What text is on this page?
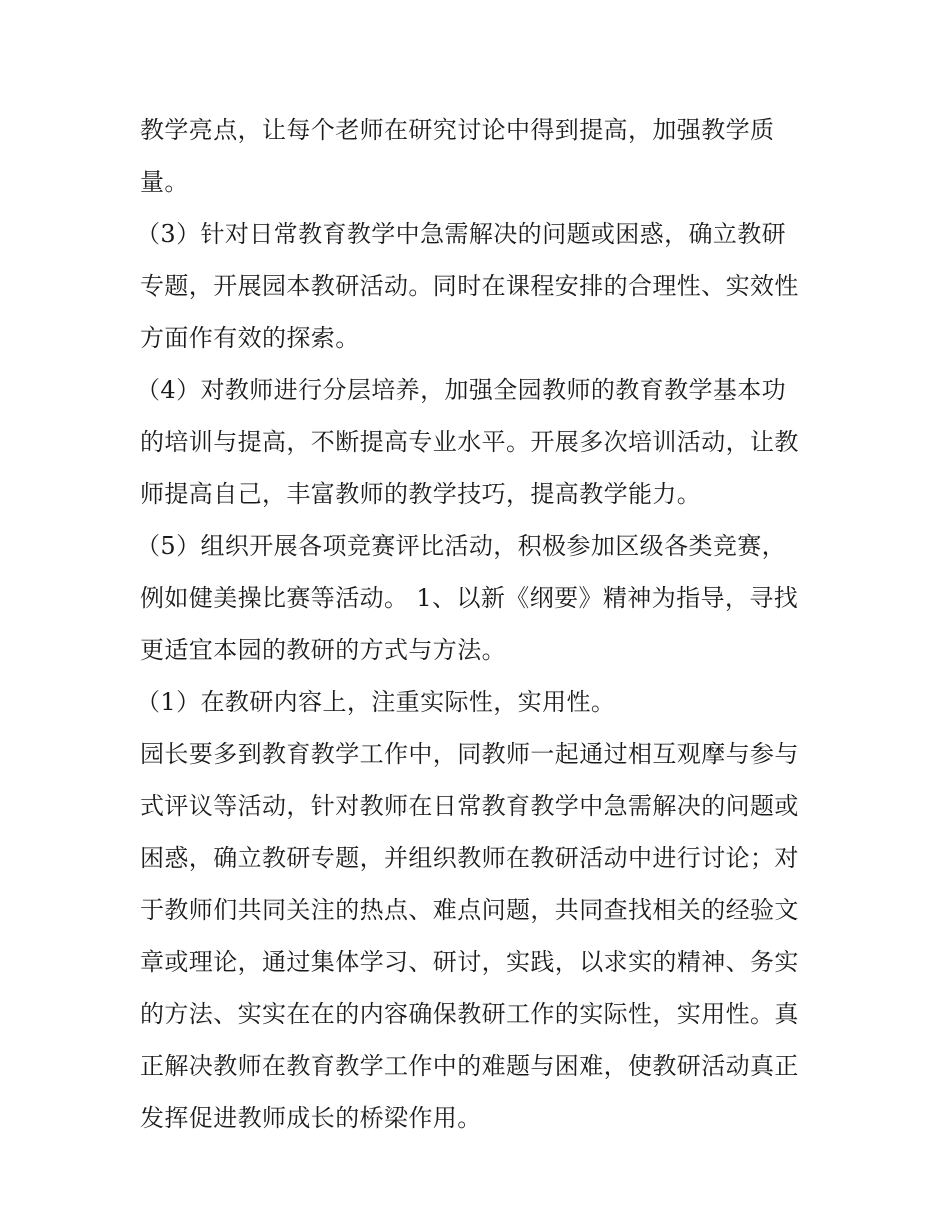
教学亮点，让每个老师在研究讨论中得到提高，加强教学质
量。
（3）针对日常教育教学中急需解决的问题或困惑，确立教研
专题，开展园本教研活动。同时在课程安排的合理性、实效性
方面作有效的探索。
（4）对教师进行分层培养，加强全园教师的教育教学基本功
的培训与提高，不断提高专业水平。开展多次培训活动，让教
师提高自己，丰富教师的教学技巧，提高教学能力。
（5）组织开展各项竞赛评比活动，积极参加区级各类竞赛，
例如健美操比赛等活动。 1、以新《纲要》精神为指导，寻找
更适宜本园的教研的方式与方法。
（1）在教研内容上，注重实际性，实用性。
园长要多到教育教学工作中，同教师一起通过相互观摩与参与
式评议等活动，针对教师在日常教育教学中急需解决的问题或
困惑，确立教研专题，并组织教师在教研活动中进行讨论；对
于教师们共同关注的热点、难点问题，共同查找相关的经验文
章或理论，通过集体学习、研讨，实践，以求实的精神、务实
的方法、实实在在的内容确保教研工作的实际性，实用性。真
正解决教师在教育教学工作中的难题与困难，使教研活动真正
发挥促进教师成长的桥梁作用。
